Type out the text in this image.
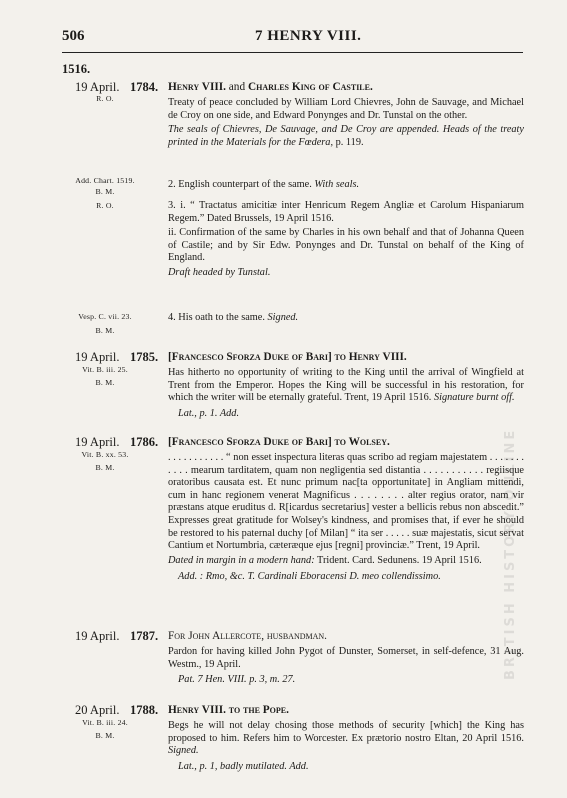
BRITISH HISTORY ONLINE
506	7 HENRY VIII.
1516.
19 April. 1784.
R. O.
Henry VIII. and Charles King of Castile.

Treaty of peace concluded by William Lord Chievres, John de Sauvage, and Michael de Croy on one side, and Edward Ponynges and Dr. Tunstal on the other.

The seals of Chievres, De Sauvage, and De Croy are appended. Heads of the treaty printed in the Materials for the Fœdera, p. 119.

Add. Chart. 1519.
B. M.
R. O.
2. English counterpart of the same. With seals.

3. i. “ Tractatus amicitiæ inter Henricum Regem Angliæ et Carolum Hispaniarum Regem.” Dated Brussels, 19 April 1516.

ii. Confirmation of the same by Charles in his own behalf and that of Johanna Queen of Castile; and by Sir Edw. Ponynges and Dr. Tunstal on behalf of the King of England.

Draft headed by Tunstal.

Vesp. C. vii. 23.
B. M.
4. His oath to the same. Signed.
19 April. 1785.
Vit. B. iii. 25.
B. M.
[Francesco Sforza Duke of Bari] to Henry VIII.

Has hitherto no opportunity of writing to the King until the arrival of Wingfield at Trent from the Emperor. Hopes the King will be successful in his restoration, for which the writer will be eternally grateful. Trent, 19 April 1516. Signature burnt off.

Lat., p. 1. Add.

19 April. 1786.
Vit. B. xx. 53.
B. M.
[Francesco Sforza Duke of Bari] to Wolsey.

. . . . . . . . . . . “ non esset inspectura literas quas scribo ad regiam majestatem . . . . . . . . . . . mearum tarditatem, quam non negligentia sed distantia . . . . . . . . . . . regiisque oratoribus causata est. Et nunc primum nac[ta opportunitate] in Angliam mittendi, cum in hanc regionem venerat Magnificus . . . . . . . . alter regius orator, nam vir præstans atque eruditus d. R[icardus secretarius] vester a bellicis rebus non abscedit.” Expresses great gratitude for Wolsey's kindness, and promises that, if ever he should be restored to his paternal duchy [of Milan] “ ita ser . . . . . suæ majestatis, sicut servat Cantium et Nortumbria, cæteræque ejus [regni] provinciæ.” Trent, 19 April.

Dated in margin in a modern hand: Trident. Card. Sedunens. 19 April 1516.

Add. : Rmo, &c. T. Cardinali Eboracensi D. meo collendissimo.

19 April. 1787. For John Allercote, husbandman.

Pardon for having killed John Pygot of Dunster, Somerset, in self-defence, 31 Aug. Westm., 19 April.

Pat. 7 Hen. VIII. p. 3, m. 27.

20 April. 1788.
Vit. B. iii. 24.
B. M.
Henry VIII. to the Pope.

Begs he will not delay chosing those methods of security [which] the King has proposed to him. Refers him to Worcester. Ex prætorio nostro Eltan, 20 April 1516. Signed.

Lat., p. 1, badly mutilated. Add.
